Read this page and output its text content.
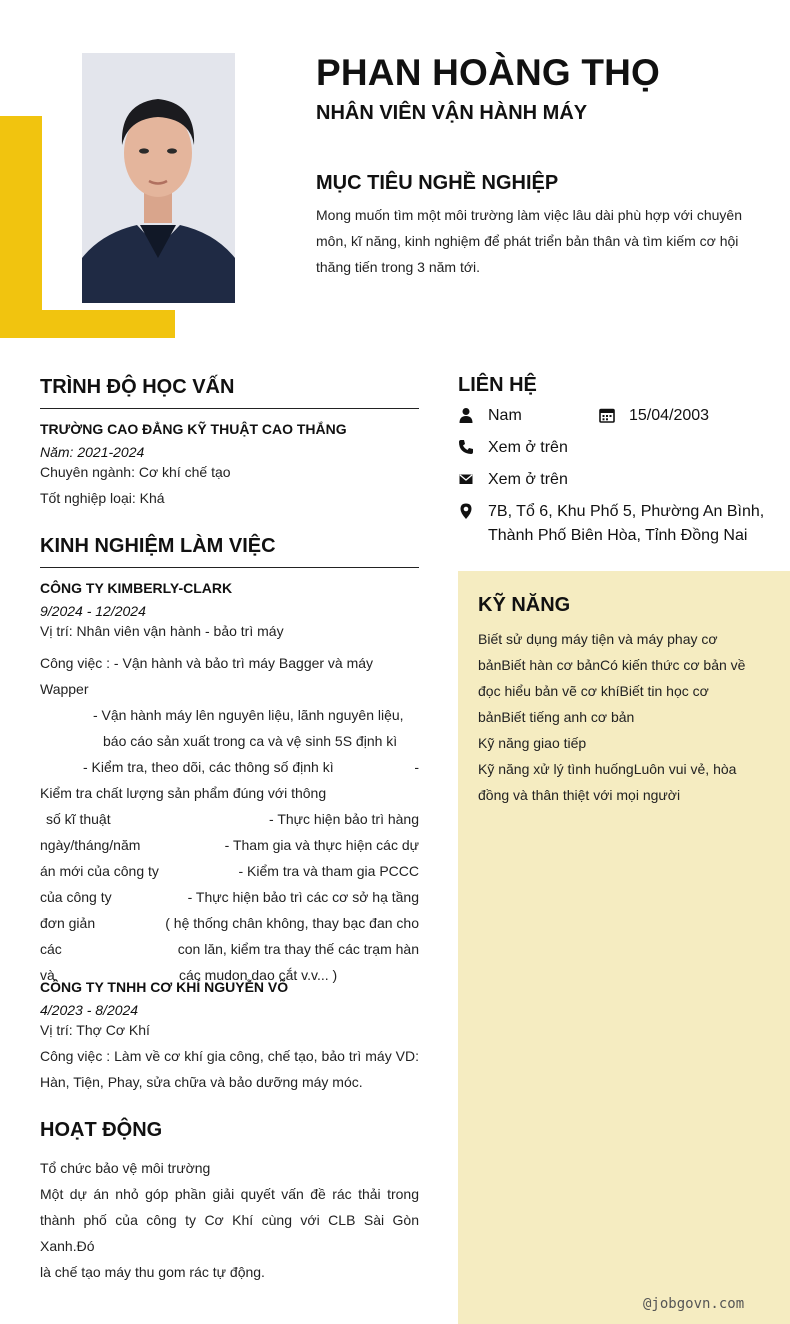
PHAN HOÀNG THỌ
NHÂN VIÊN VẬN HÀNH MÁY
MỤC TIÊU NGHỀ NGHIỆP

Mong muốn tìm một môi trường làm việc lâu dài phù hợp với chuyên

môn, kĩ năng, kinh nghiệm để phát triển bản thân và tìm kiếm cơ hội

thăng tiến trong 3 năm tới.

TRÌNH ĐỘ HỌC VẤN

TRƯỜNG CAO ĐẲNG KỸ THUẬT CAO THẮNG

Năm: 2021-2024

Chuyên ngành: Cơ khí chế tạo

Tốt nghiệp loại: Khá

KINH NGHIỆM LÀM VIỆC

CÔNG TY KIMBERLY-CLARK

9/2024 - 12/2024

Vị trí: Nhân viên vận hành - bảo trì máy

Công việc : - Vận hành và bảo trì máy Bagger và máy Wapper

- Vận hành máy lên nguyên liệu, lãnh nguyên liệu,

báo cáo sản xuất trong ca và vệ sinh 5S định kì

- Kiểm tra, theo dõi, các thông số định kì	-

Kiểm tra chất lượng sản phẩm đúng với thông

số kĩ thuật	- Thực hiện bảo trì hàng

ngày/tháng/năm	- Tham gia và thực hiện các dự

án mới của công ty	- Kiểm tra và tham gia PCCC

của công ty	- Thực hiện bảo trì các cơ sở hạ tầng

đơn giản	( hệ thống chân không, thay bạc đan cho

các	con lăn, kiểm tra thay thế các trạm hàn

và	các mudon dao cắt v.v... )

CÔNG TY TNHH CƠ KHÍ NGUYỄN VÕ

4/2023 - 8/2024

Vị trí: Thợ Cơ Khí

Công việc : Làm về cơ khí gia công, chế tạo, bảo trì máy VD:

Hàn, Tiện, Phay, sửa chữa và bảo dưỡng máy móc.

HOẠT ĐỘNG

Tổ chức bảo vệ môi trường

Một dự án nhỏ góp phần giải quyết vấn đề rác thải trong

thành phố của công ty Cơ Khí cùng với CLB Sài Gòn Xanh.Đó

là chế tạo máy thu gom rác tự động.

LIÊN HỆ
Nam	15/04/2003
Xem ở trên
Xem ở trên
7B, Tổ 6, Khu Phố 5, Phường An Bình,
Thành Phố Biên Hòa, Tỉnh Đồng Nai
KỸ NĂNG

Biết sử dụng máy tiện và máy phay cơ

bảnBiết hàn cơ bảnCó kiến thức cơ bản về

đọc hiểu bản vẽ cơ khíBiết tin học cơ

bảnBiết tiếng anh cơ bản

Kỹ năng giao tiếp

Kỹ năng xử lý tình huốngLuôn vui vẻ, hòa

đồng và thân thiệt với mọi người

@jobgovn.com
